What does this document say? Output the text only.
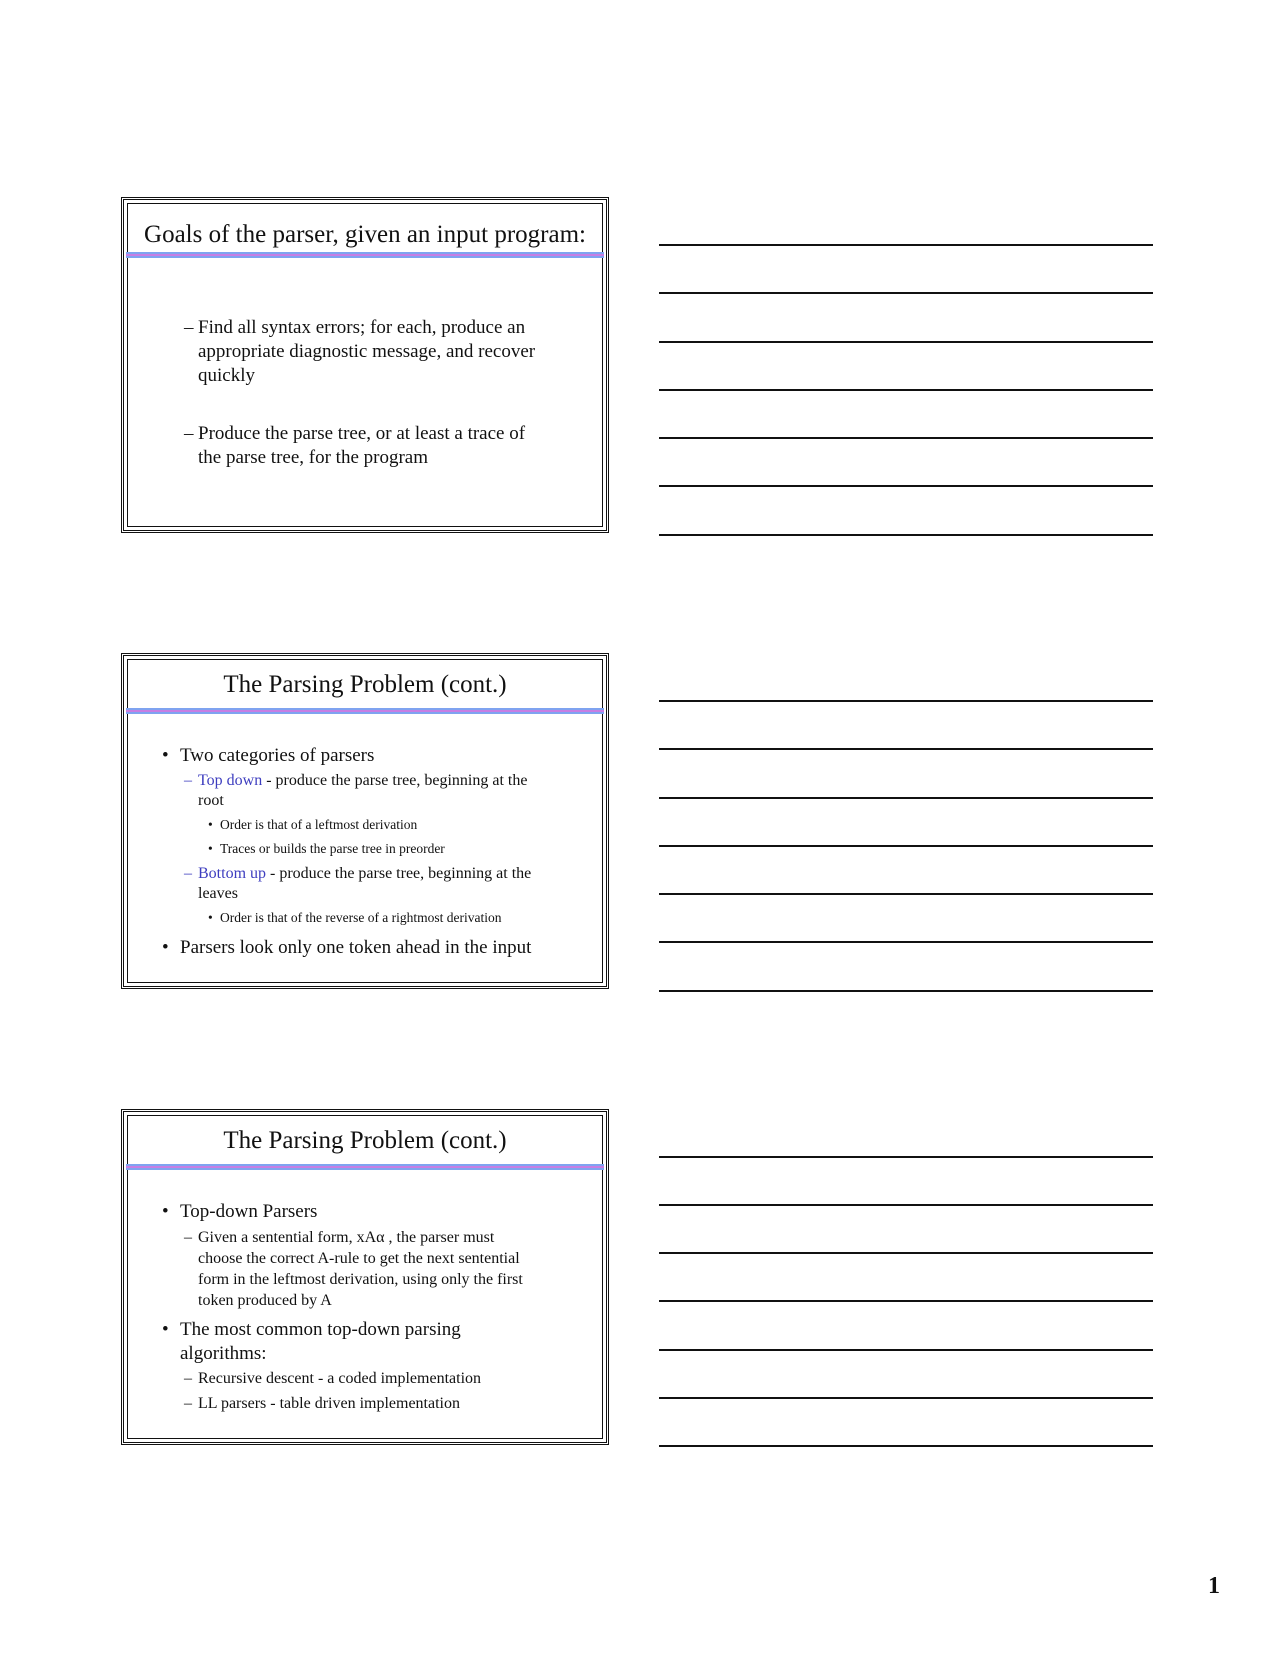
Goals of the parser, given an input program:
– Find all syntax errors; for each, produce an
appropriate diagnostic message, and recover
quickly
– Produce the parse tree, or at least a trace of
the parse tree, for the program
The Parsing Problem (cont.)
• Two categories of parsers
– Top down - produce the parse tree, beginning at the
root
• Order is that of a leftmost derivation
• Traces or builds the parse tree in preorder
– Bottom up - produce the parse tree, beginning at the
leaves
• Order is that of the reverse of a rightmost derivation
• Parsers look only one token ahead in the input
The Parsing Problem (cont.)
• Top-down Parsers
– Given a sentential form, xAα , the parser must
choose the correct A-rule to get the next sentential
form in the leftmost derivation, using only the first
token produced by A
• The most common top-down parsing
algorithms:
– Recursive descent - a coded implementation
– LL parsers - table driven implementation
1
